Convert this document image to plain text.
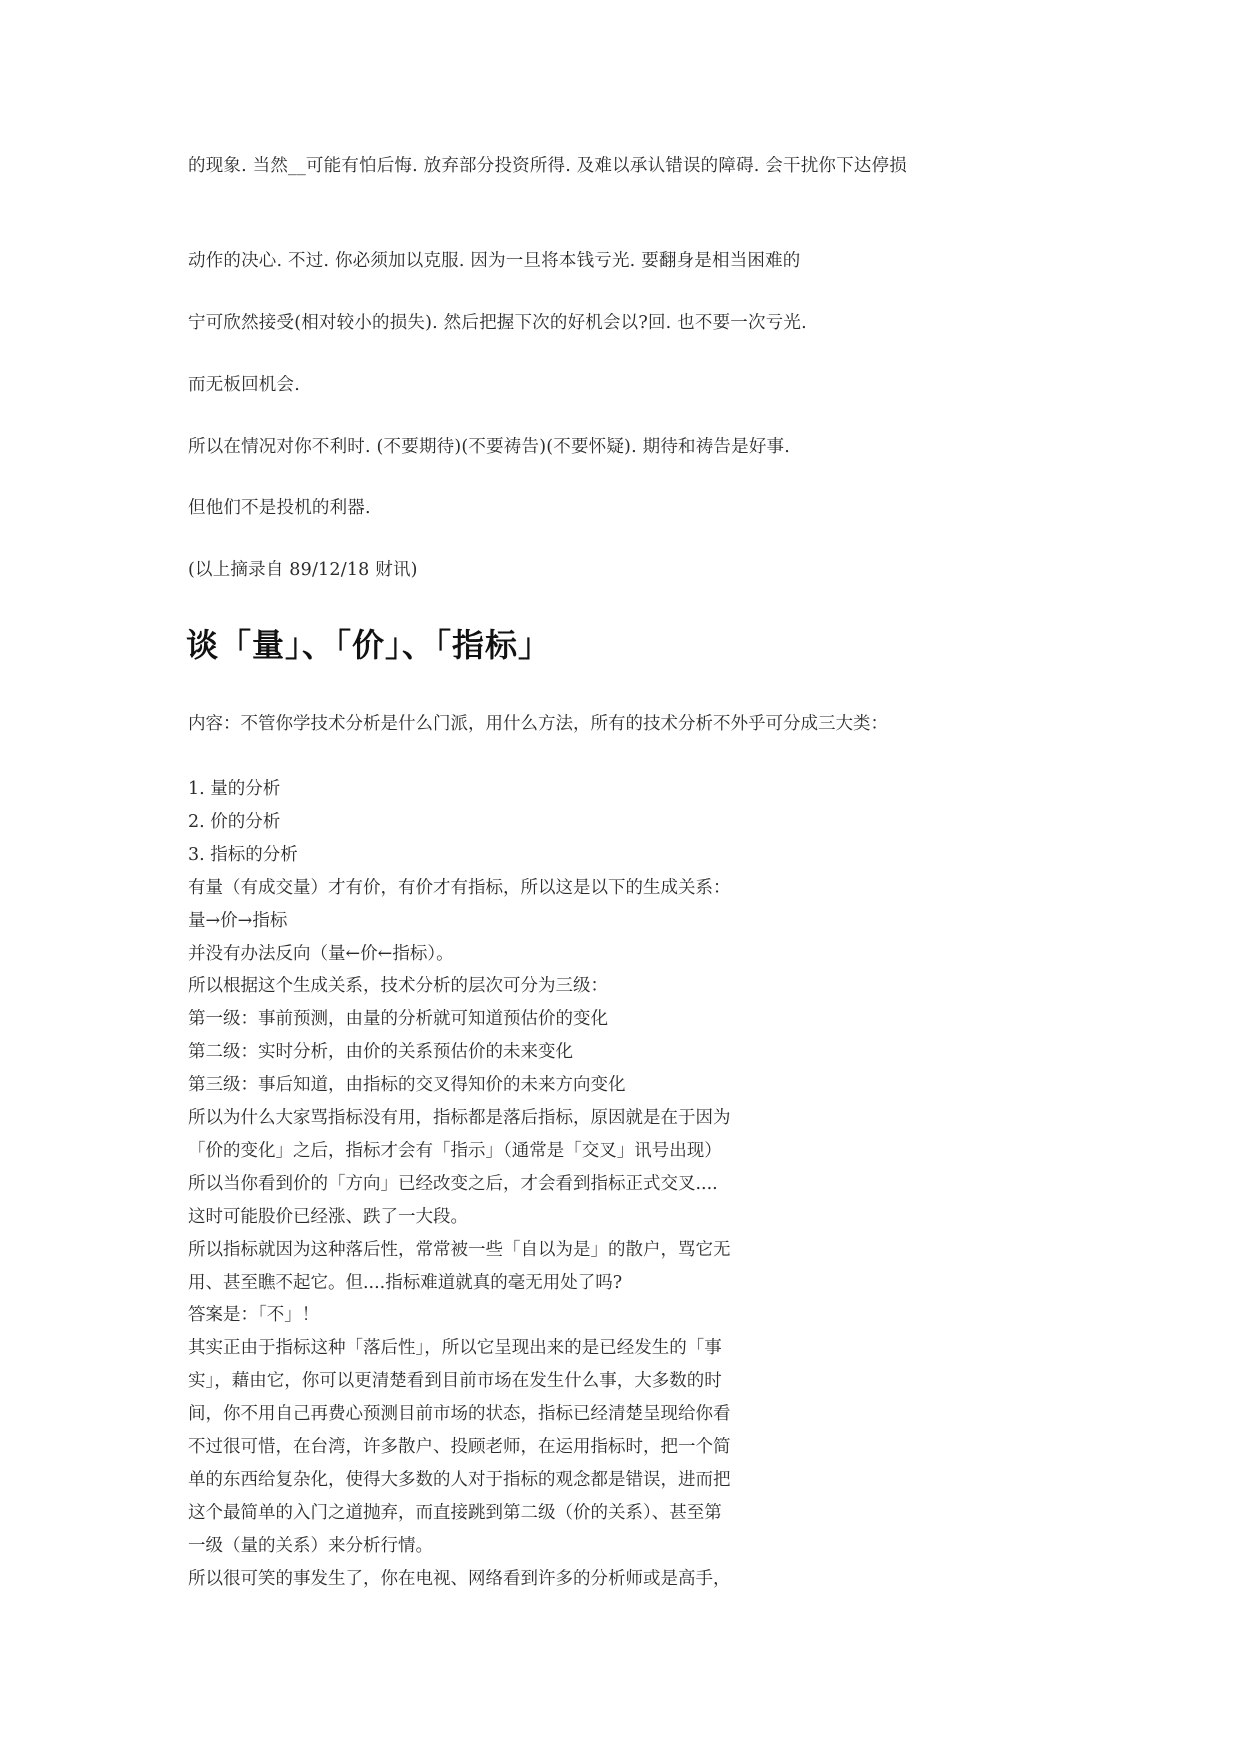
的现象. 当然__可能有怕后悔. 放弃部分投资所得. 及难以承认错误的障碍. 会干扰你下达停损
动作的决心. 不过. 你必须加以克服. 因为一旦将本钱亏光. 要翻身是相当困难的
宁可欣然接受(相对较小的损失). 然后把握下次的好机会以?回. 也不要一次亏光.
而无板回机会.
所以在情况对你不利时. (不要期待)(不要祷告)(不要怀疑). 期待和祷告是好事.
但他们不是投机的利器.
(以上摘录自 89/12/18 财讯)
谈「量」、「价」、「指标」
内容：不管你学技术分析是什么门派，用什么方法，所有的技术分析不外乎可分成三大类：
1. 量的分析
2. 价的分析
3. 指标的分析
有量（有成交量）才有价，有价才有指标，所以这是以下的生成关系：
量→价→指标
并没有办法反向（量←价←指标）。
所以根据这个生成关系，技术分析的层次可分为三级：
第一级：事前预测，由量的分析就可知道预估价的变化
第二级：实时分析，由价的关系预估价的未来变化
第三级：事后知道，由指标的交叉得知价的未来方向变化
所以为什么大家骂指标没有用，指标都是落后指标，原因就是在于因为
「价的变化」之后，指标才会有「指示」（通常是「交叉」讯号出现）
所以当你看到价的「方向」已经改变之后，才会看到指标正式交叉....
这时可能股价已经涨、跌了一大段。
所以指标就因为这种落后性，常常被一些「自以为是」的散户，骂它无
用、甚至瞧不起它。但....指标难道就真的毫无用处了吗?
答案是：「不」！
其实正由于指标这种「落后性」，所以它呈现出来的是已经发生的「事
实」，藉由它，你可以更清楚看到目前市场在发生什么事，大多数的时
间，你不用自己再费心预测目前市场的状态，指标已经清楚呈现给你看
不过很可惜，在台湾，许多散户、投顾老师，在运用指标时，把一个简
单的东西给复杂化，使得大多数的人对于指标的观念都是错误，进而把
这个最简单的入门之道抛弃，而直接跳到第二级（价的关系）、甚至第
一级（量的关系）来分析行情。
所以很可笑的事发生了，你在电视、网络看到许多的分析师或是高手，
